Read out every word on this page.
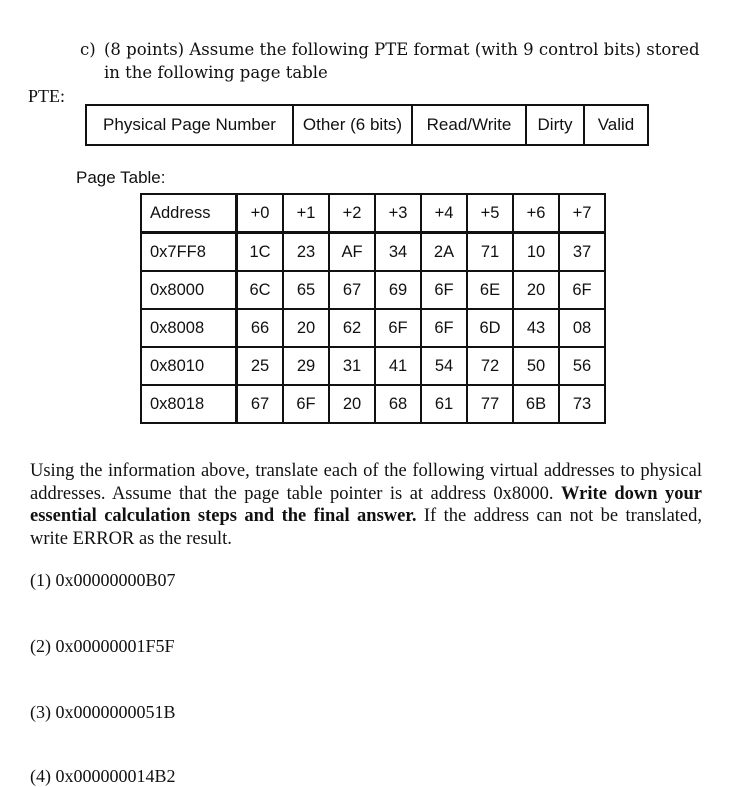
c) (8 points) Assume the following PTE format (with 9 control bits) stored
in the following page table
PTE:
Physical Page Number	Other (6 bits)	Read/Write	Dirty	Valid
Page Table:
Address	+0	+1	+2	+3	+4	+5	+6	+7
0x7FF8	1C	23	AF	34	2A	71	10	37
0x8000	6C	65	67	69	6F	6E	20	6F
0x8008	66	20	62	6F	6F	6D	43	08
0x8010	25	29	31	41	54	72	50	56
0x8018	67	6F	20	68	61	77	6B	73
Using the information above, translate each of the following virtual addresses to physical addresses. Assume that the page table pointer is at address 0x8000. Write down your essential calculation steps and the final answer. If the address can not be translated, write ERROR as the result.
(1) 0x00000000B07
(2) 0x00000001F5F
(3) 0x0000000051B
(4) 0x000000014B2
